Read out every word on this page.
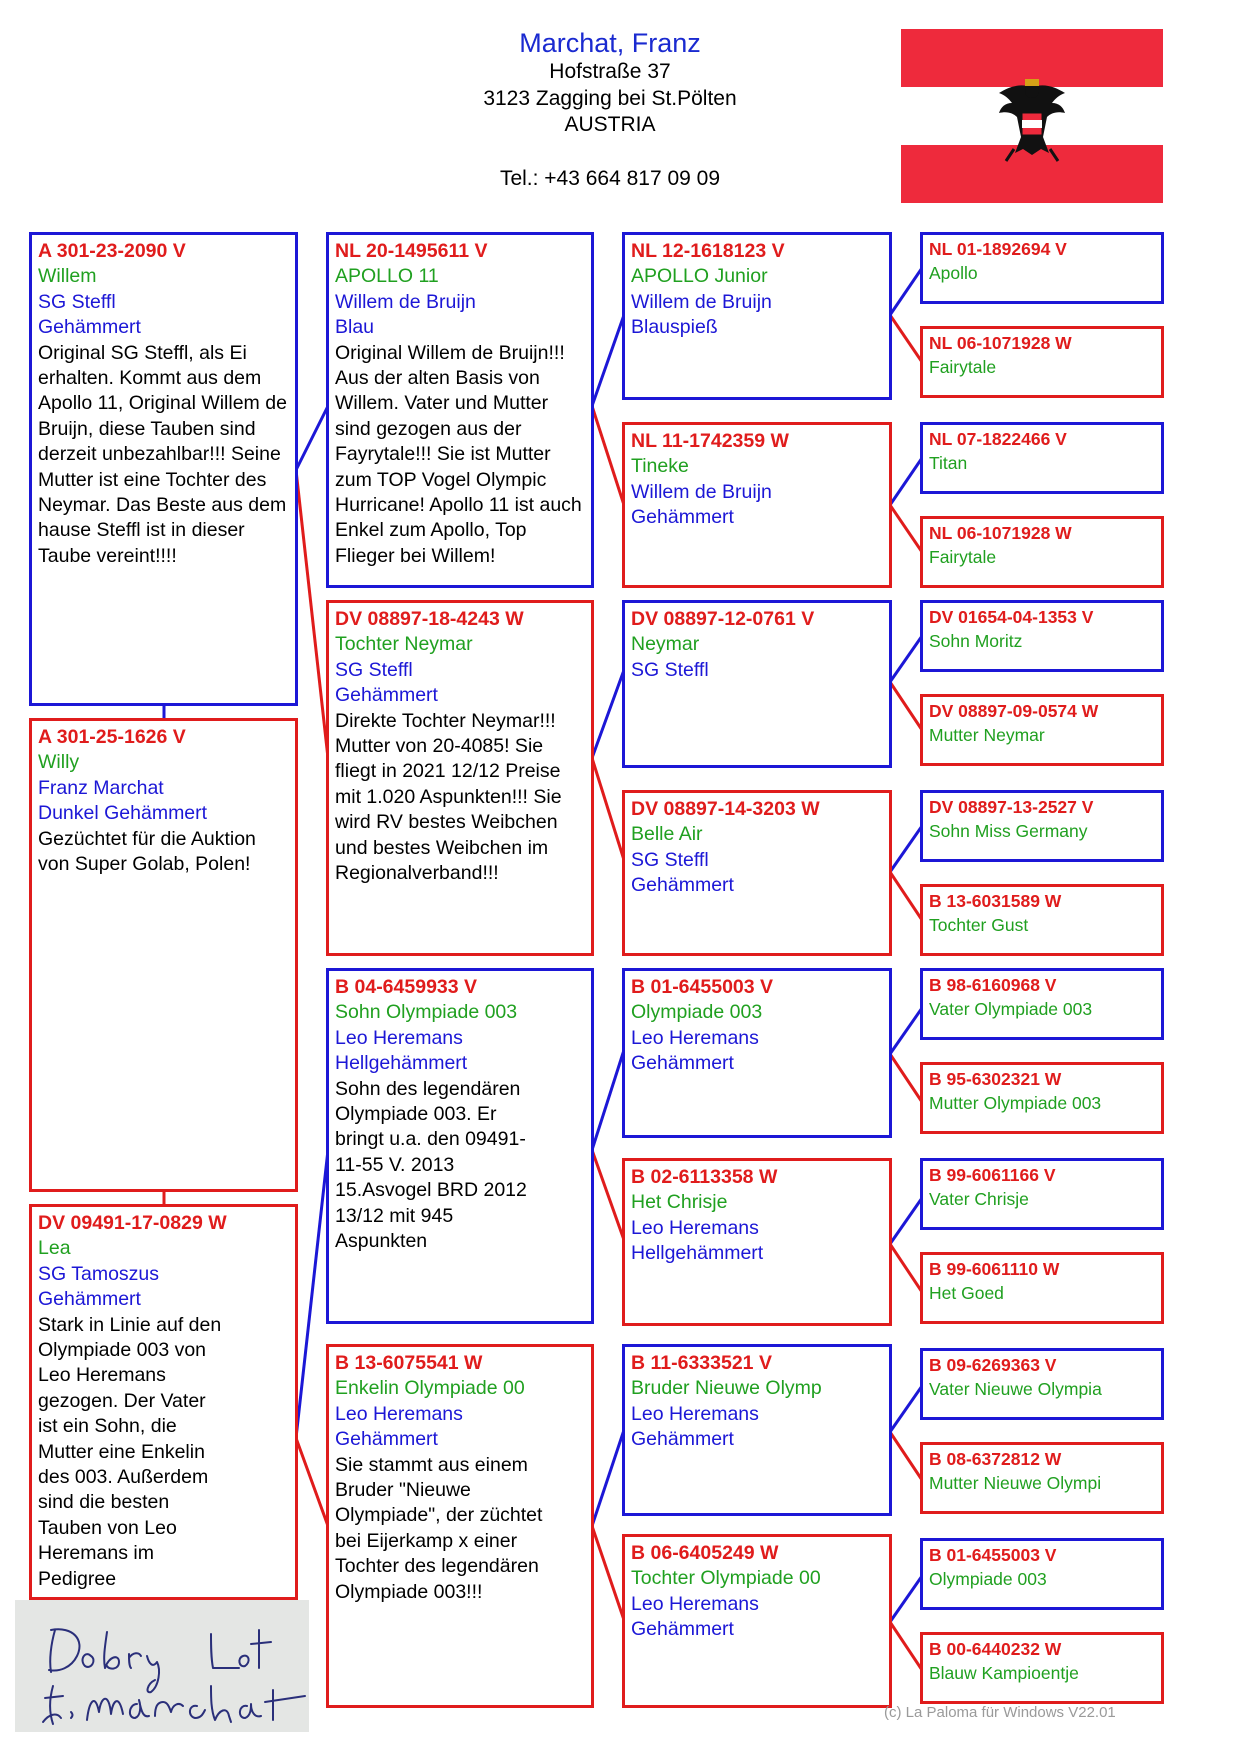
Marchat, Franz
Hofstraße 37
3123 Zagging bei St.Pölten
AUSTRIA
Tel.: +43 664 817 09 09
A 301-23-2090 V
Willem
SG Steffl
Gehämmert
Original SG Steffl, als Ei erhalten. Kommt aus dem Apollo 11, Original Willem de Bruijn, diese Tauben sind derzeit unbezahlbar!!! Seine Mutter ist eine Tochter des Neymar. Das Beste aus dem hause Steffl ist in dieser Taube vereint!!!!
A 301-25-1626 V
Willy
Franz Marchat
Dunkel Gehämmert
Gezüchtet für die Auktion von Super Golab, Polen!
DV 09491-17-0829 W
Lea
SG Tamoszus
Gehämmert
Stark in Linie auf den Olympiade 003 von Leo Heremans gezogen. Der Vater ist ein Sohn, die Mutter eine Enkelin des 003. Außerdem sind die besten Tauben von Leo Heremans im Pedigree
NL 20-1495611 V
APOLLO 11
Willem de Bruijn
Blau
Original Willem de Bruijn!!! Aus der alten Basis von Willem. Vater und Mutter sind gezogen aus der Fayrytale!!! Sie ist Mutter zum TOP Vogel Olympic Hurricane! Apollo 11 ist auch Enkel zum Apollo, Top Flieger bei Willem!
DV 08897-18-4243 W
Tochter Neymar
SG Steffl
Gehämmert
Direkte Tochter Neymar!!! Mutter von 20-4085! Sie fliegt in 2021 12/12 Preise mit 1.020 Aspunkten!!! Sie wird RV bestes Weibchen und bestes Weibchen im Regionalverband!!!
B 04-6459933 V
Sohn Olympiade 003
Leo Heremans
Hellgehämmert
Sohn des legendären Olympiade 003. Er bringt u.a. den 09491-11-55 V. 2013 15.Asvogel BRD 2012 13/12 mit 945 Aspunkten
B 13-6075541 W
Enkelin Olympiade 00
Leo Heremans
Gehämmert
Sie stammt aus einem Bruder "Nieuwe Olympiade", der züchtet bei Eijerkamp x einer Tochter des legendären Olympiade 003!!!
NL 12-1618123 V
APOLLO Junior
Willem de Bruijn
Blauspieß
NL 11-1742359 W
Tineke
Willem de Bruijn
Gehämmert
DV 08897-12-0761 V
Neymar
SG Steffl
DV 08897-14-3203 W
Belle Air
SG Steffl
Gehämmert
B 01-6455003 V
Olympiade 003
Leo Heremans
Gehämmert
B 02-6113358 W
Het Chrisje
Leo Heremans
Hellgehämmert
B 11-6333521 V
Bruder Nieuwe Olymp
Leo Heremans
Gehämmert
B 06-6405249 W
Tochter Olympiade 00
Leo Heremans
Gehämmert
NL 01-1892694 V
Apollo
NL 06-1071928 W
Fairytale
NL 07-1822466 V
Titan
NL 06-1071928 W
Fairytale
DV 01654-04-1353 V
Sohn Moritz
DV 08897-09-0574 W
Mutter Neymar
DV 08897-13-2527 V
Sohn Miss Germany
B 13-6031589 W
Tochter Gust
B 98-6160968 V
Vater Olympiade 003
B 95-6302321 W
Mutter Olympiade 003
B 99-6061166 V
Vater Chrisje
B 99-6061110 W
Het Goed
B 09-6269363 V
Vater Nieuwe Olympia
B 08-6372812 W
Mutter Nieuwe Olympi
B 01-6455003 V
Olympiade 003
B 00-6440232 W
Blauw Kampioentje
(c) La Paloma für Windows V22.01
